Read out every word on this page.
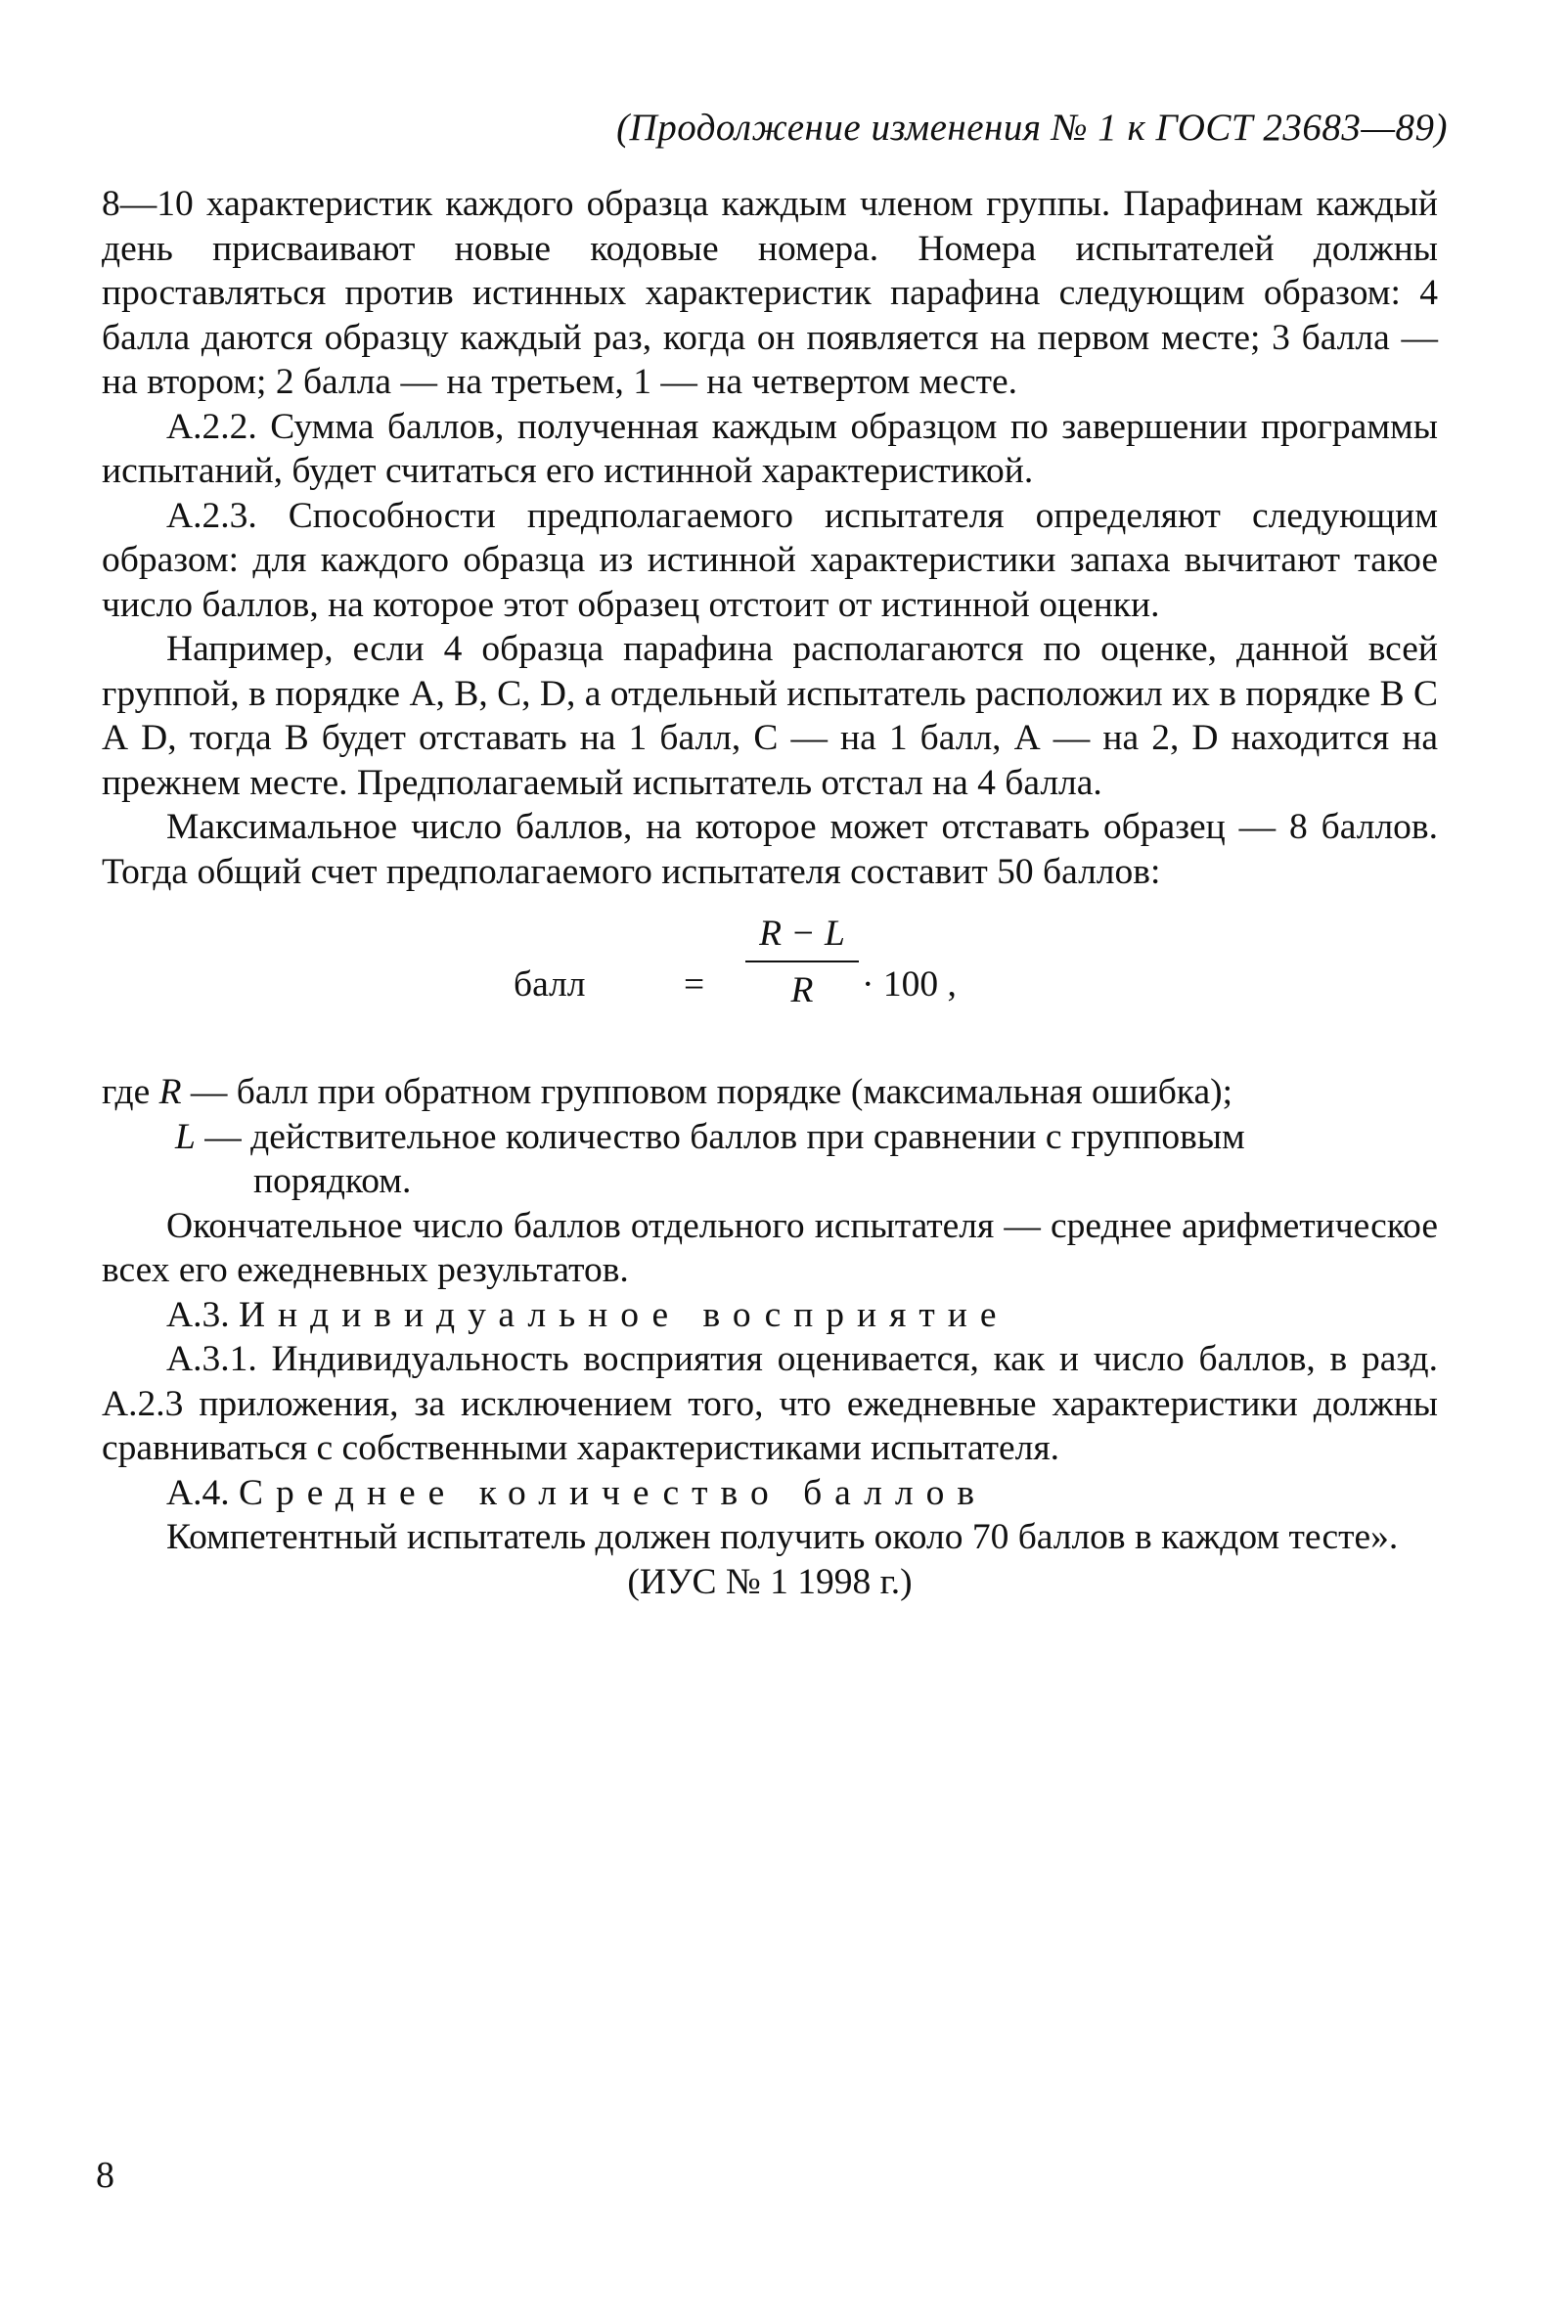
(Продолжение изменения № 1 к ГОСТ 23683—89)

8—10 характеристик каждого образца каждым членом группы. Парафинам каждый день присваивают новые кодовые номера. Номера испытателей должны проставляться против истинных характеристик парафина следующим образом: 4 балла даются образцу каждый раз, когда он появляется на первом месте; 3 балла — на втором; 2 балла — на третьем, 1 — на четвертом месте.

А.2.2. Сумма баллов, полученная каждым образцом по завершении программы испытаний, будет считаться его истинной характеристикой.

А.2.3. Способности предполагаемого испытателя определяют следующим образом: для каждого образца из истинной характеристики запаха вычитают такое число баллов, на которое этот образец отстоит от истинной оценки.

Например, если 4 образца парафина располагаются по оценке, данной всей группой, в порядке А, В, С, D, а отдельный испытатель расположил их в порядке В С А D, тогда В будет отставать на 1 балл, С — на 1 балл, А — на 2, D находится на прежнем месте. Предполагаемый испытатель отстал на 4 балла.

Максимальное число баллов, на которое может отставать образец — 8 баллов. Тогда общий счет предполагаемого испытателя составит 50 баллов:

балл	=
R − L
R	· 100 ,

где R — балл при обратном групповом порядке (максимальная ошибка);

L — действительное количество баллов при сравнении с групповым

порядком.

Окончательное число баллов отдельного испытателя — среднее арифметическое всех его ежедневных результатов.

А.3. Индивидуальное восприятие

А.3.1. Индивидуальность восприятия оценивается, как и число баллов, в разд. А.2.3 приложения, за исключением того, что ежедневные характеристики должны сравниваться с собственными характеристиками испытателя.

А.4. Среднее количество баллов

Компетентный испытатель должен получить около 70 баллов в каждом тесте».

(ИУС № 1 1998 г.)

8
